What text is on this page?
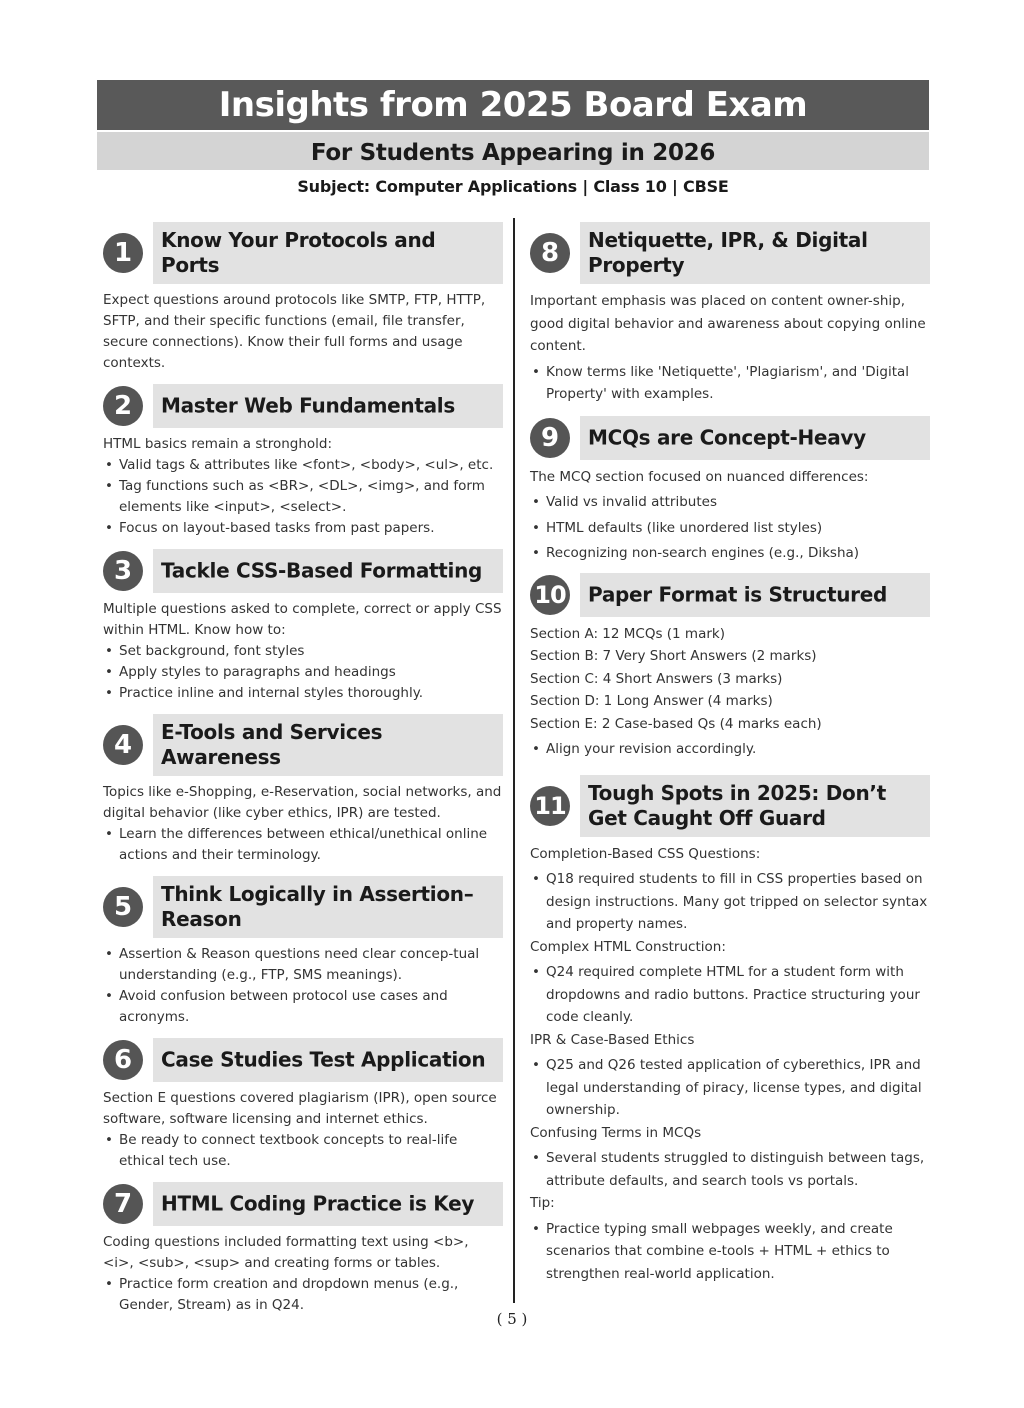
Insights from 2025 Board Exam
For Students Appearing in 2026
Subject: Computer Applications | Class 10 | CBSE
1	Know Your Protocols and Ports

Expect questions around protocols like SMTP, FTP, HTTP, SFTP, and their specific functions (email, file transfer, secure connections). Know their full forms and usage contexts.

2	Master Web Fundamentals

HTML basics remain a stronghold:

• Valid tags & attributes like <font>, <body>, <ul>, etc.
• Tag functions such as <BR>, <DL>, <img>, and form elements like <input>, <select>.
• Focus on layout-based tasks from past papers.
3	Tackle CSS-Based Formatting

Multiple questions asked to complete, correct or apply CSS within HTML. Know how to:

• Set background, font styles
• Apply styles to paragraphs and headings
• Practice inline and internal styles thoroughly.
4	E-Tools and Services Awareness

Topics like e-Shopping, e-Reservation, social networks, and digital behavior (like cyber ethics, IPR) are tested.

• Learn the differences between ethical/unethical online actions and their terminology.
5	Think Logically in Assertion–Reason
• Assertion & Reason questions need clear concep-tual understanding (e.g., FTP, SMS meanings).
• Avoid confusion between protocol use cases and acronyms.
6	Case Studies Test Application

Section E questions covered plagiarism (IPR), open source software, software licensing and internet ethics.

• Be ready to connect textbook concepts to real-life ethical tech use.
7	HTML Coding Practice is Key

Coding questions included formatting text using <b>, <i>, <sub>, <sup> and creating forms or tables.

• Practice form creation and dropdown menus (e.g., Gender, Stream) as in Q24.
8	Netiquette, IPR, & Digital Property

Important emphasis was placed on content owner-ship, good digital behavior and awareness about copying online content.

• Know terms like 'Netiquette', 'Plagiarism', and 'Digital Property' with examples.
9	MCQs are Concept-Heavy

The MCQ section focused on nuanced differences:

• Valid vs invalid attributes
• HTML defaults (like unordered list styles)
• Recognizing non-search engines (e.g., Diksha)
10 Paper Format is Structured

Section A: 12 MCQs (1 mark)

Section B: 7 Very Short Answers (2 marks)

Section C: 4 Short Answers (3 marks)

Section D: 1 Long Answer (4 marks)

Section E: 2 Case-based Qs (4 marks each)

• Align your revision accordingly.
11 Tough Spots in 2025: Don’t Get Caught Off Guard

Completion-Based CSS Questions:

• Q18 required students to fill in CSS properties based on design instructions. Many got tripped on selector syntax and property names.

Complex HTML Construction:

• Q24 required complete HTML for a student form with dropdowns and radio buttons. Practice structuring your code cleanly.

IPR & Case-Based Ethics

• Q25 and Q26 tested application of cyberethics, IPR and legal understanding of piracy, license types, and digital ownership.

Confusing Terms in MCQs

• Several students struggled to distinguish between tags, attribute defaults, and search tools vs portals.

Tip:

• Practice typing small webpages weekly, and create scenarios that combine e-tools + HTML + ethics to strengthen real-world application.
( 5 )
